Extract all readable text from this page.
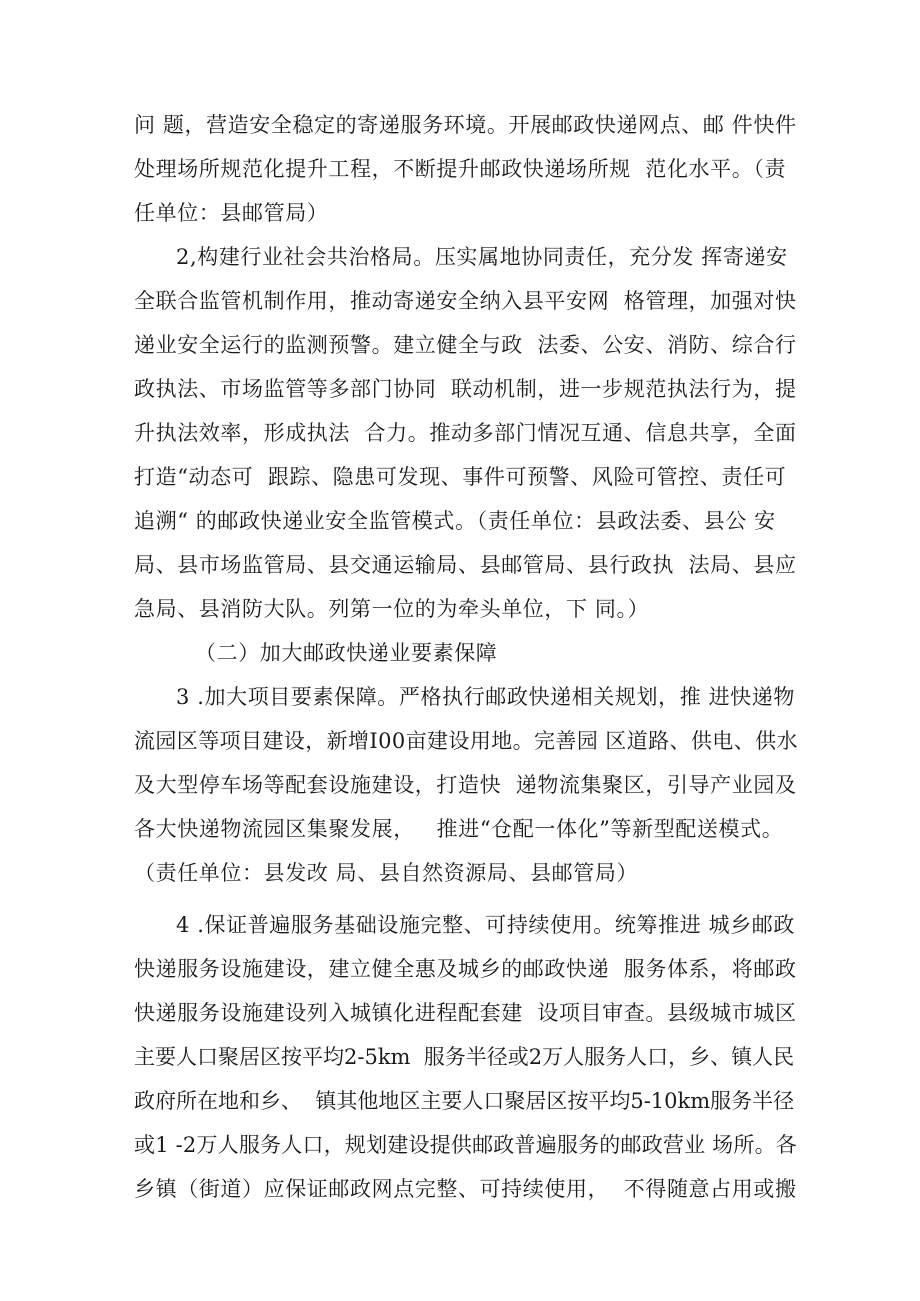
问 题，营造安全稳定的寄递服务环境。开展邮政快递网点、邮 件快件
处理场所规范化提升工程，不断提升邮政快递场所规  范化水平。（责
任单位：县邮管局）
2,构建行业社会共治格局。压实属地协同责任，充分发 挥寄递安
全联合监管机制作用，推动寄递安全纳入县平安网  格管理，加强对快
递业安全运行的监测预警。建立健全与政  法委、公安、消防、综合行
政执法、市场监管等多部门协同  联动机制，进一步规范执法行为，提
升执法效率，形成执法  合力。推动多部门情况互通、信息共享，全面
打造“动态可  跟踪、隐患可发现、事件可预警、风险可管控、责任可
追溯“ 的邮政快递业安全监管模式。（责任单位：县政法委、县公 安
局、县市场监管局、县交通运输局、县邮管局、县行政执  法局、县应
急局、县消防大队。列第一位的为牵头单位，下 同。）
（二）加大邮政快递业要素保障
3 .加大项目要素保障。严格执行邮政快递相关规划，推 进快递物
流园区等项目建设，新增I00亩建设用地。完善园 区道路、供电、供水
及大型停车场等配套设施建设，打造快  递物流集聚区，引导产业园及
各大快递物流园区集聚发展，   推进“仓配一体化”等新型配送模式。
（责任单位：县发改 局、县自然资源局、县邮管局）
4 .保证普遍服务基础设施完整、可持续使用。统筹推进 城乡邮政
快递服务设施建设，建立健全惠及城乡的邮政快递  服务体系，将邮政
快递服务设施建设列入城镇化进程配套建  设项目审查。县级城市城区
主要人口聚居区按平均2-5km  服务半径或2万人服务人口，乡、镇人民
政府所在地和乡、  镇其他地区主要人口聚居区按平均5-10km服务半径
或1 -2万人服务人口，规划建设提供邮政普遍服务的邮政营业 场所。各
乡镇（街道）应保证邮政网点完整、可持续使用，  不得随意占用或搬
